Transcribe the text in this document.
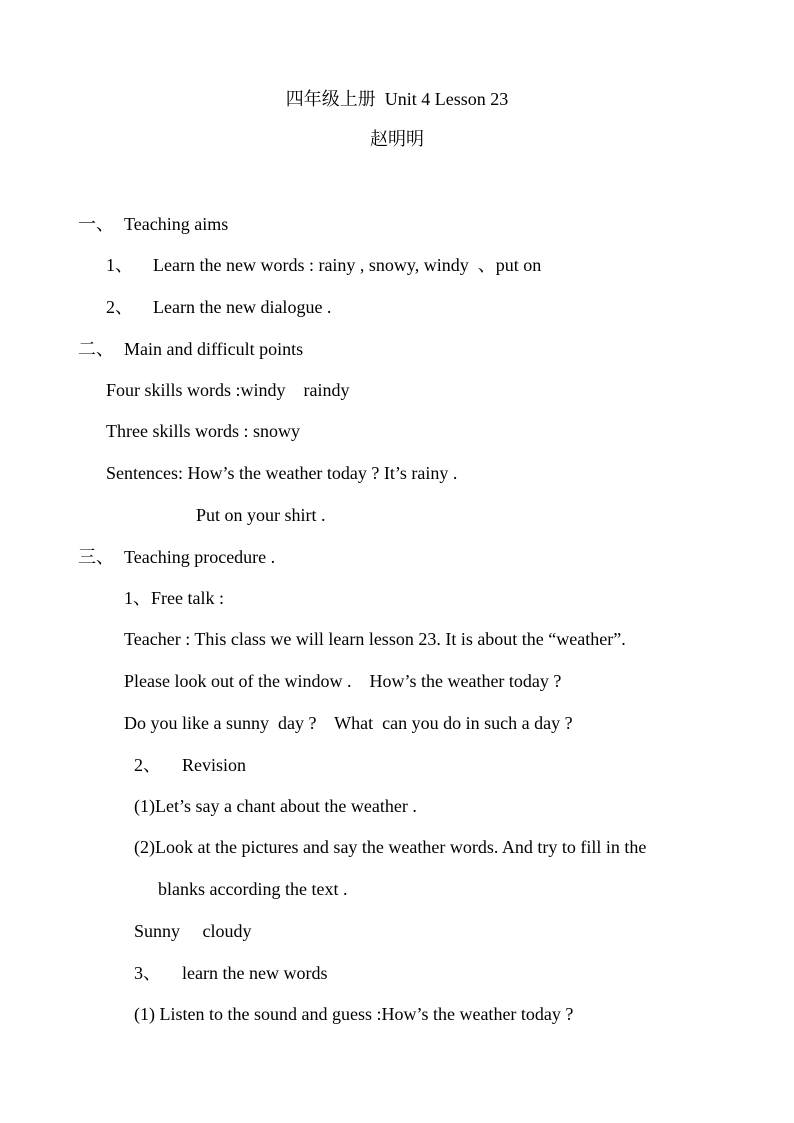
四年级上册  Unit 4 Lesson 23
赵明明
一、 Teaching aims
1、 Learn the new words : rainy , snowy, windy  、put on
2、 Learn the new dialogue .
二、 Main and difficult points
Four skills words :windy    raindy
Three skills words : snowy
Sentences: How’s the weather today ? It’s rainy .
Put on your shirt .
三、 Teaching procedure .
1、Free talk :
Teacher : This class we will learn lesson 23. It is about the “weather”.
Please look out of the window .    How’s the weather today ?
Do you like a sunny  day ?    What  can you do in such a day ?
2、 Revision
(1)Let’s say a chant about the weather .
(2)Look at the pictures and say the weather words. And try to fill in the
blanks according the text .
Sunny     cloudy
3、 learn the new words
(1) Listen to the sound and guess :How’s the weather today ?
